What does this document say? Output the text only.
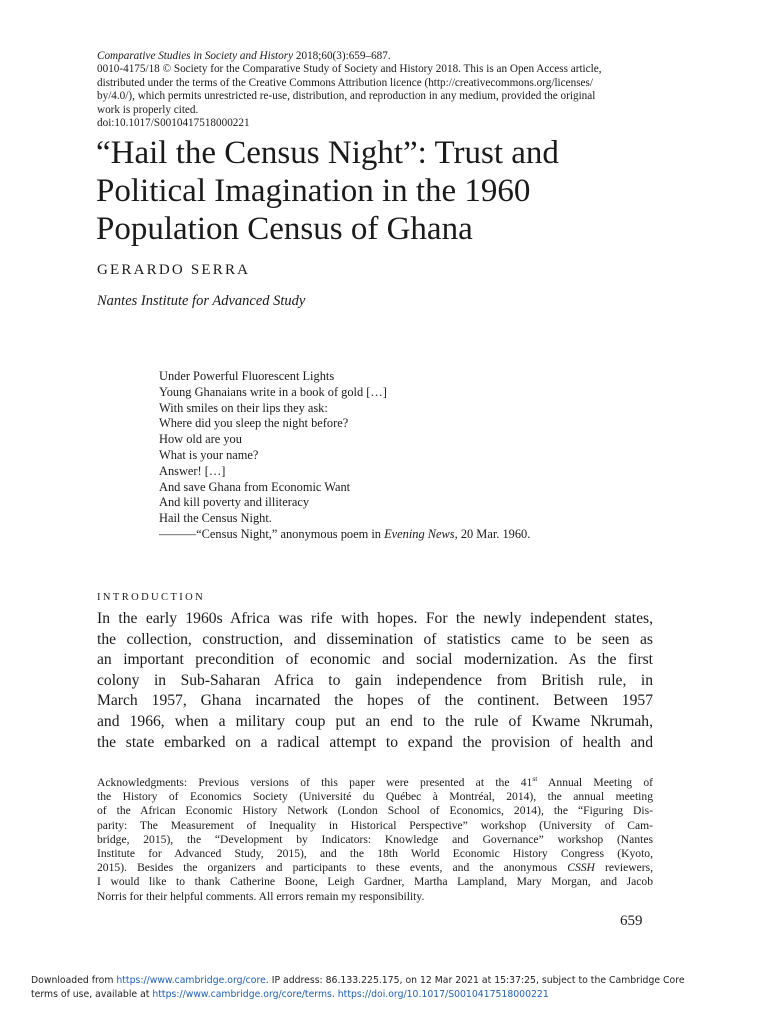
Comparative Studies in Society and History 2018;60(3):659–687.
0010-4175/18 © Society for the Comparative Study of Society and History 2018. This is an Open Access article,
distributed under the terms of the Creative Commons Attribution licence (http://creativecommons.org/licenses/
by/4.0/), which permits unrestricted re-use, distribution, and reproduction in any medium, provided the original
work is properly cited.
doi:10.1017/S0010417518000221
“Hail the Census Night”: Trust and
Political Imagination in the 1960
Population Census of Ghana
GERARDO SERRA
Nantes Institute for Advanced Study
Under Powerful Fluorescent Lights
Young Ghanaians write in a book of gold […]
With smiles on their lips they ask:
Where did you sleep the night before?
How old are you
What is your name?
Answer! […]
And save Ghana from Economic Want
And kill poverty and illiteracy
Hail the Census Night.
———“Census Night,” anonymous poem in Evening News, 20 Mar. 1960.
INTRODUCTION
In the early 1960s Africa was rife with hopes. For the newly independent states,
the collection, construction, and dissemination of statistics came to be seen as
an important precondition of economic and social modernization. As the first
colony in Sub-Saharan Africa to gain independence from British rule, in
March 1957, Ghana incarnated the hopes of the continent. Between 1957
and 1966, when a military coup put an end to the rule of Kwame Nkrumah,
the state embarked on a radical attempt to expand the provision of health and
Acknowledgments: Previous versions of this paper were presented at the 41st Annual Meeting of
the History of Economics Society (Université du Québec à Montréal, 2014), the annual meeting
of the African Economic History Network (London School of Economics, 2014), the “Figuring Dis-
parity: The Measurement of Inequality in Historical Perspective” workshop (University of Cam-
bridge, 2015), the “Development by Indicators: Knowledge and Governance” workshop (Nantes
Institute for Advanced Study, 2015), and the 18th World Economic History Congress (Kyoto,
2015). Besides the organizers and participants to these events, and the anonymous CSSH reviewers,
I would like to thank Catherine Boone, Leigh Gardner, Martha Lampland, Mary Morgan, and Jacob
Norris for their helpful comments. All errors remain my responsibility.
659
Downloaded from https://www.cambridge.org/core. IP address: 86.133.225.175, on 12 Mar 2021 at 15:37:25, subject to the Cambridge Core
terms of use, available at https://www.cambridge.org/core/terms. https://doi.org/10.1017/S0010417518000221
